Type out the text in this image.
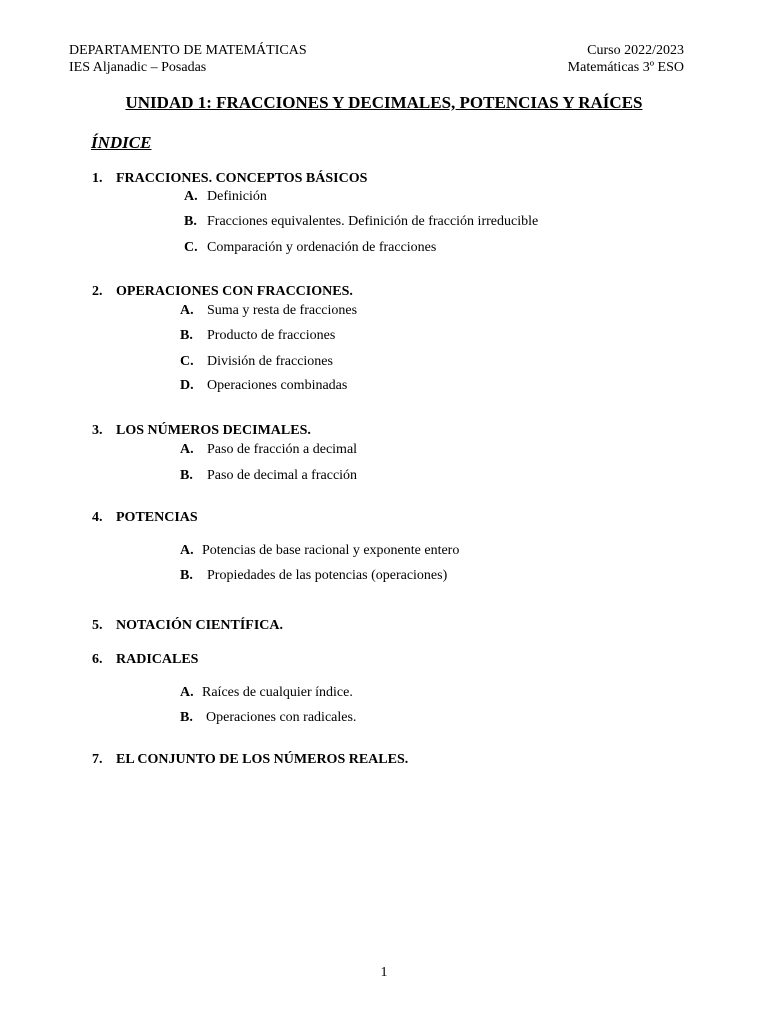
DEPARTAMENTO DE MATEMÁTICAS
IES Aljanadic – Posadas
Curso 2022/2023
Matemáticas 3º ESO
UNIDAD 1: FRACCIONES Y DECIMALES, POTENCIAS Y RAÍCES
ÍNDICE
1. FRACCIONES. CONCEPTOS BÁSICOS
A. Definición
B. Fracciones equivalentes. Definición de fracción irreducible
C. Comparación y ordenación de fracciones
2. OPERACIONES CON FRACCIONES.
A. Suma y resta de fracciones
B. Producto de fracciones
C. División de fracciones
D. Operaciones combinadas
3. LOS NÚMEROS DECIMALES.
A. Paso de fracción a decimal
B. Paso de decimal a fracción
4. POTENCIAS
A. Potencias de base racional y exponente entero
B. Propiedades de las potencias (operaciones)
5. NOTACIÓN CIENTÍFICA.
6. RADICALES
A. Raíces de cualquier índice.
B. Operaciones con radicales.
7. EL CONJUNTO DE LOS NÚMEROS REALES.
1
